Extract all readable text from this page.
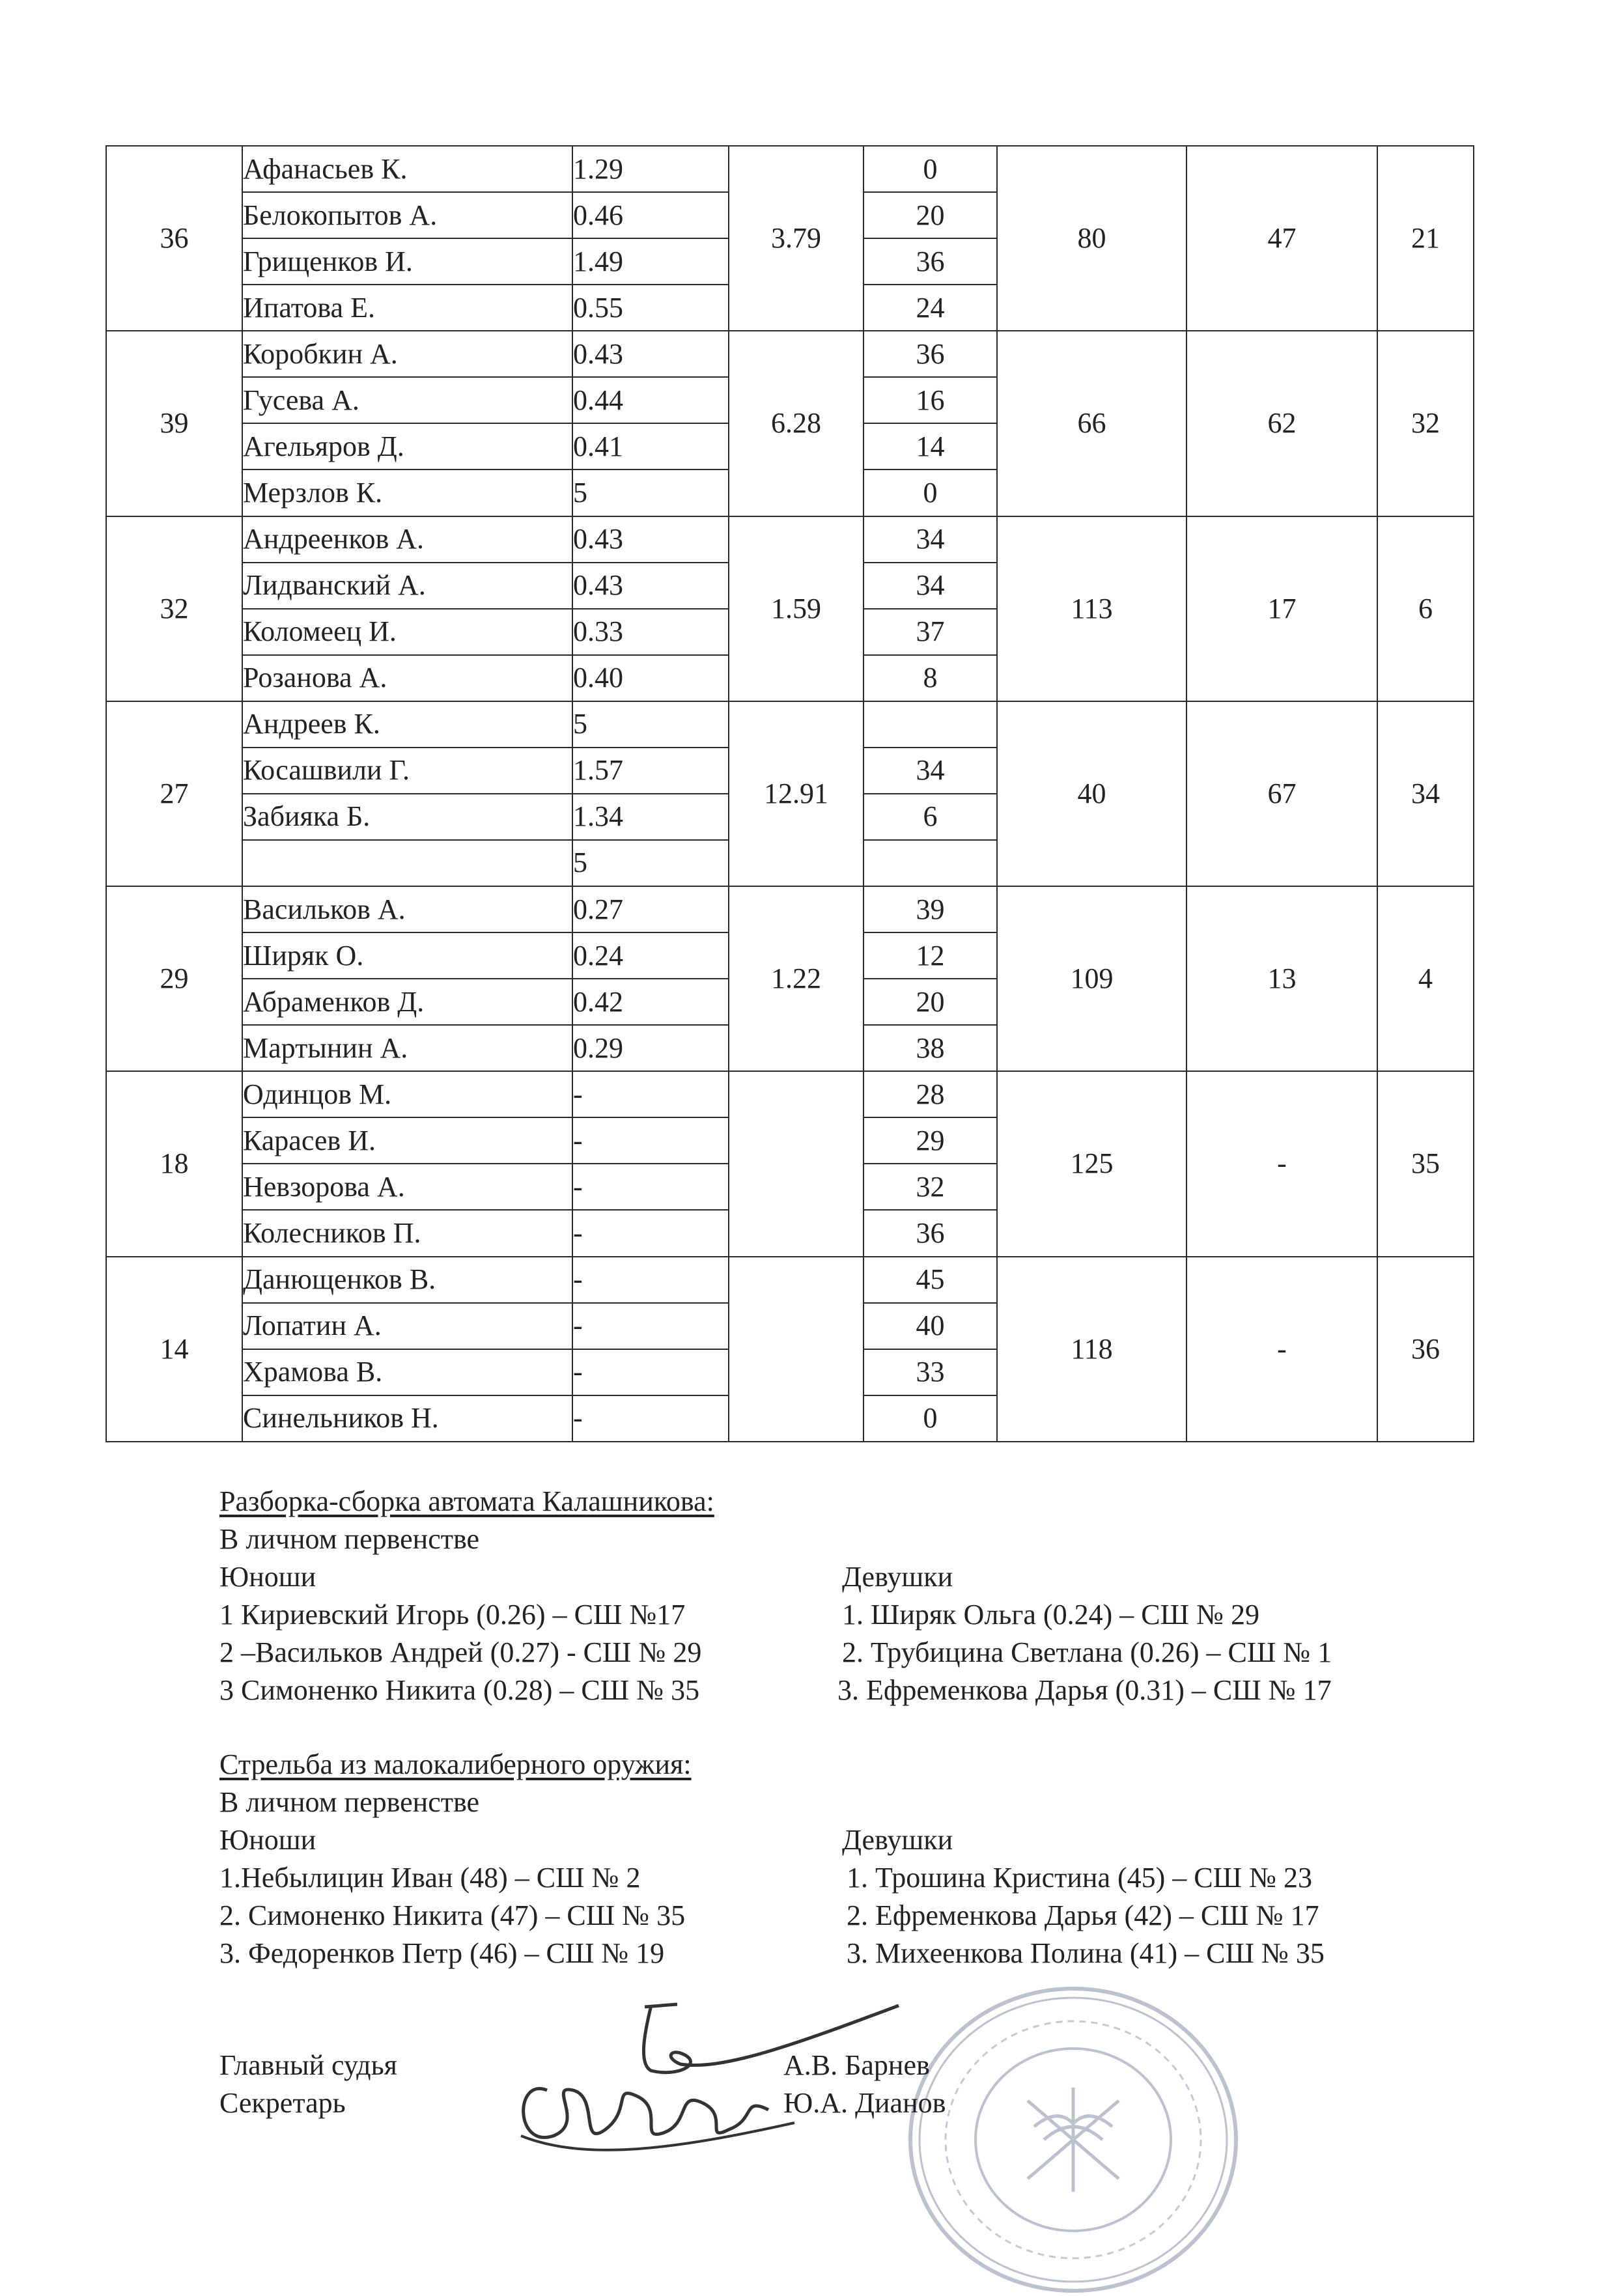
36	Афанасьев К.	1.29	3.79	0	80	47	21
	Белокопытов А.	0.46		20			
	Грищенков И.	1.49		36			
	Ипатова Е.	0.55		24			
39	Коробкин А.	0.43	6.28	36	66	62	32
	Гусева А.	0.44		16			
	Агельяров Д.	0.41		14			
	Мерзлов К.	5		0			
32	Андреенков А.	0.43	1.59	34	113	17	6
	Лидванский А.	0.43		34			
	Коломеец И.	0.33		37			
	Розанова А.	0.40		8			
27	Андреев К.	5	12.91		40	67	34
	Косашвили Г.	1.57		34			
	Забияка Б.	1.34		6			
		5					
29	Васильков А.	0.27	1.22	39	109	13	4
	Ширяк О.	0.24		12			
	Абраменков Д.	0.42		20			
	Мартынин А.	0.29		38			
18	Одинцов М.	-		28	125	-	35
	Карасев И.	-		29			
	Невзорова А.	-		32			
	Колесников П.	-		36			
14	Данющенков В.	-		45	118	-	36
	Лопатин А.	-		40			
	Храмова В.	-		33			
	Синельников Н.	-		0			
Разборка-сборка автомата Калашникова:
В личном первенстве
Юноши	Девушки
1 Кириевский Игорь (0.26) – СШ №17
2 –Васильков Андрей (0.27) - СШ № 29
3 Симоненко Никита (0.28) – СШ № 35
1. Ширяк Ольга (0.24) – СШ № 29
2. Трубицина Светлана (0.26) – СШ № 1
3. Ефременкова Дарья (0.31) – СШ № 17
Стрельба из малокалиберного оружия:
В личном первенстве
Юноши	Девушки
1.Небылицин Иван (48) – СШ № 2
2. Симоненко Никита (47) – СШ № 35
3. Федоренков Петр (46) – СШ № 19
1. Трошина Кристина (45) – СШ № 23
2. Ефременкова Дарья (42) – СШ № 17
3. Михеенкова Полина (41) – СШ № 35
Главный судья	А.В. Барнев
Секретарь	Ю.А. Дианов
